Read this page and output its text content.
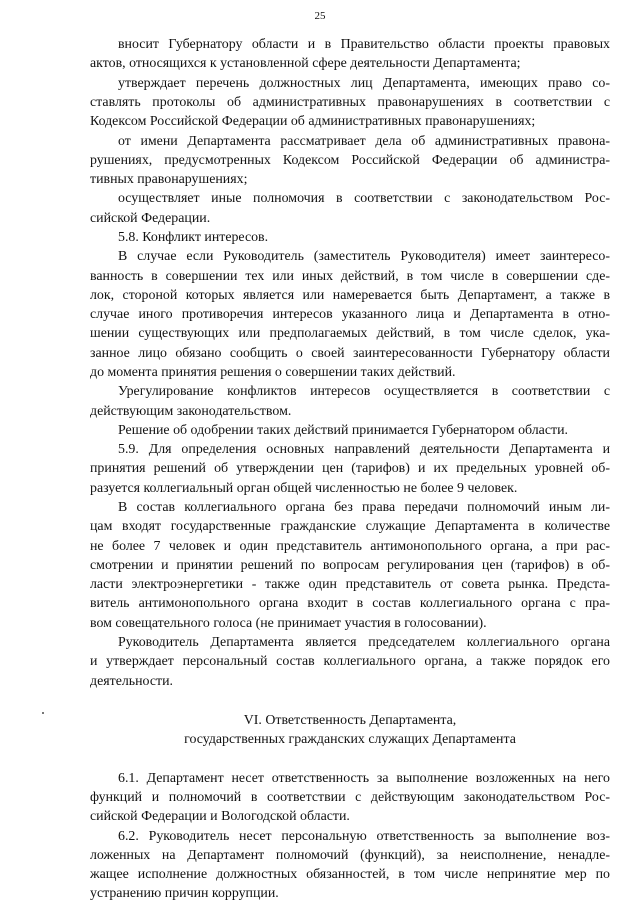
25
вносит Губернатору области и в Правительство области проекты правовых
актов, относящихся к установленной сфере деятельности Департамента;
утверждает перечень должностных лиц Департамента, имеющих право со-
ставлять протоколы об административных правонарушениях в соответствии с
Кодексом Российской Федерации об административных правонарушениях;
от имени Департамента рассматривает дела об административных правона-
рушениях, предусмотренных Кодексом Российской Федерации об администра-
тивных правонарушениях;
осуществляет иные полномочия в соответствии с законодательством Рос-
сийской Федерации.
5.8. Конфликт интересов.
В случае если Руководитель (заместитель Руководителя) имеет заинтересо-
ванность в совершении тех или иных действий, в том числе в совершении сде-
лок, стороной которых является или намеревается быть Департамент, а также в
случае иного противоречия интересов указанного лица и Департамента в отно-
шении существующих или предполагаемых действий, в том числе сделок, ука-
занное лицо обязано сообщить о своей заинтересованности Губернатору области
до момента принятия решения о совершении таких действий.
Урегулирование конфликтов интересов осуществляется в соответствии с
действующим законодательством.
Решение об одобрении таких действий принимается Губернатором области.
5.9. Для определения основных направлений деятельности Департамента и
принятия решений об утверждении цен (тарифов) и их предельных уровней об-
разуется коллегиальный орган общей численностью не более 9 человек.
В состав коллегиального органа без права передачи полномочий иным ли-
цам входят государственные гражданские служащие Департамента в количестве
не более 7 человек и один представитель антимонопольного органа, а при рас-
смотрении и принятии решений по вопросам регулирования цен (тарифов) в об-
ласти электроэнергетики - также один представитель от совета рынка. Предста-
витель антимонопольного органа входит в состав коллегиального органа с пра-
вом совещательного голоса (не принимает участия в голосовании).
Руководитель Департамента является председателем коллегиального органа
и утверждает персональный состав коллегиального органа, а также порядок его
деятельности.
VI. Ответственность Департамента,
государственных гражданских служащих Департамента
6.1. Департамент несет ответственность за выполнение возложенных на него
функций и полномочий в соответствии с действующим законодательством Рос-
сийской Федерации и Вологодской области.
6.2. Руководитель несет персональную ответственность за выполнение воз-
ложенных на Департамент полномочий (функций), за неисполнение, ненадле-
жащее исполнение должностных обязанностей, в том числе непринятие мер по
устранению причин коррупции.
